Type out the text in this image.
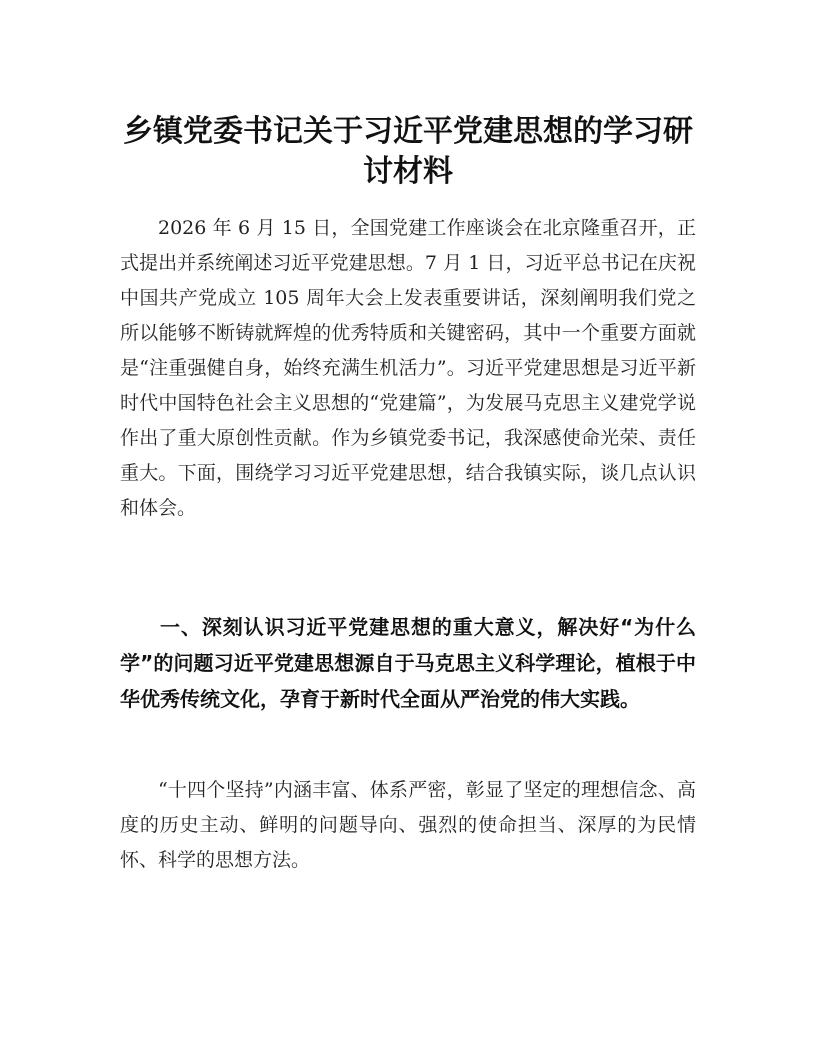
乡镇党委书记关于习近平党建思想的学习研讨材料

2026 年 6 月 15 日，全国党建工作座谈会在北京隆重召开，正式提出并系统阐述习近平党建思想。7 月 1 日，习近平总书记在庆祝中国共产党成立 105 周年大会上发表重要讲话，深刻阐明我们党之所以能够不断铸就辉煌的优秀特质和关键密码，其中一个重要方面就是“注重强健自身，始终充满生机活力”。习近平党建思想是习近平新时代中国特色社会主义思想的“党建篇”，为发展马克思主义建党学说作出了重大原创性贡献。作为乡镇党委书记，我深感使命光荣、责任重大。下面，围绕学习习近平党建思想，结合我镇实际，谈几点认识和体会。

一、深刻认识习近平党建思想的重大意义，解决好“为什么学”的问题习近平党建思想源自于马克思主义科学理论，植根于中华优秀传统文化，孕育于新时代全面从严治党的伟大实践。

“十四个坚持”内涵丰富、体系严密，彰显了坚定的理想信念、高度的历史主动、鲜明的问题导向、强烈的使命担当、深厚的为民情怀、科学的思想方法。
